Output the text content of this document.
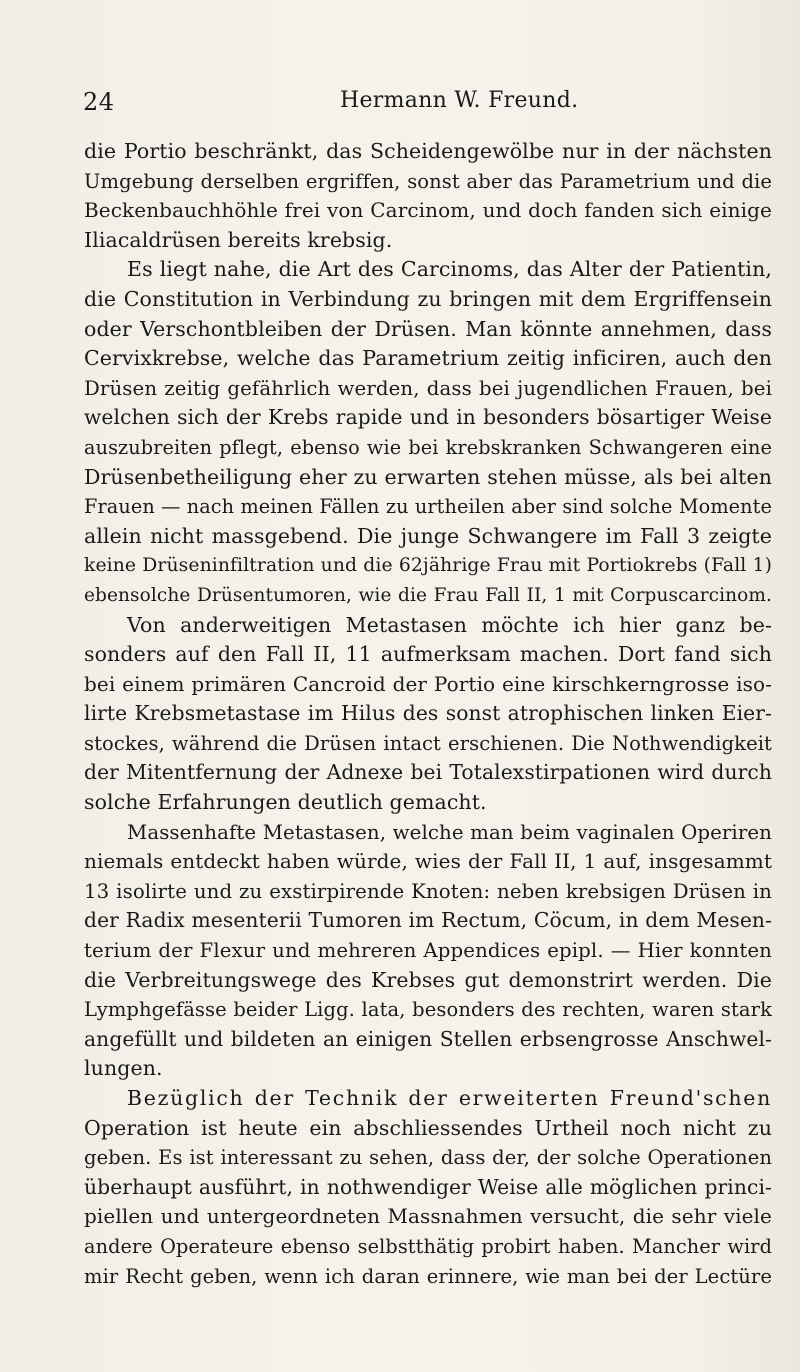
24	Hermann W. Freund.
die Portio beschränkt, das Scheidengewölbe nur in der nächsten
Umgebung derselben ergriffen, sonst aber das Parametrium und die
Beckenbauchhöhle frei von Carcinom, und doch fanden sich einige
Iliacaldrüsen bereits krebsig.
Es liegt nahe, die Art des Carcinoms, das Alter der Patientin,
die Constitution in Verbindung zu bringen mit dem Ergriffensein
oder Verschontbleiben der Drüsen. Man könnte annehmen, dass
Cervixkrebse, welche das Parametrium zeitig inficiren, auch den
Drüsen zeitig gefährlich werden, dass bei jugendlichen Frauen, bei
welchen sich der Krebs rapide und in besonders bösartiger Weise
auszubreiten pflegt, ebenso wie bei krebskranken Schwangeren eine
Drüsenbetheiligung eher zu erwarten stehen müsse, als bei alten
Frauen — nach meinen Fällen zu urtheilen aber sind solche Momente
allein nicht massgebend. Die junge Schwangere im Fall 3 zeigte
keine Drüseninfiltration und die 62jährige Frau mit Portiokrebs (Fall 1)
ebensolche Drüsentumoren, wie die Frau Fall II, 1 mit Corpuscarcinom.
Von anderweitigen Metastasen möchte ich hier ganz be-
sonders auf den Fall II, 11 aufmerksam machen. Dort fand sich
bei einem primären Cancroid der Portio eine kirschkerngrosse iso-
lirte Krebsmetastase im Hilus des sonst atrophischen linken Eier-
stockes, während die Drüsen intact erschienen. Die Nothwendigkeit
der Mitentfernung der Adnexe bei Totalexstirpationen wird durch
solche Erfahrungen deutlich gemacht.
Massenhafte Metastasen, welche man beim vaginalen Operiren
niemals entdeckt haben würde, wies der Fall II, 1 auf, insgesammt
13 isolirte und zu exstirpirende Knoten: neben krebsigen Drüsen in
der Radix mesenterii Tumoren im Rectum, Cöcum, in dem Mesen-
terium der Flexur und mehreren Appendices epipl. — Hier konnten
die Verbreitungswege des Krebses gut demonstrirt werden. Die
Lymphgefässe beider Ligg. lata, besonders des rechten, waren stark
angefüllt und bildeten an einigen Stellen erbsengrosse Anschwel-
lungen.
Bezüglich der Technik der erweiterten Freund'schen
Operation ist heute ein abschliessendes Urtheil noch nicht zu
geben. Es ist interessant zu sehen, dass der, der solche Operationen
überhaupt ausführt, in nothwendiger Weise alle möglichen princi-
piellen und untergeordneten Massnahmen versucht, die sehr viele
andere Operateure ebenso selbstthätig probirt haben. Mancher wird
mir Recht geben, wenn ich daran erinnere, wie man bei der Lectüre
